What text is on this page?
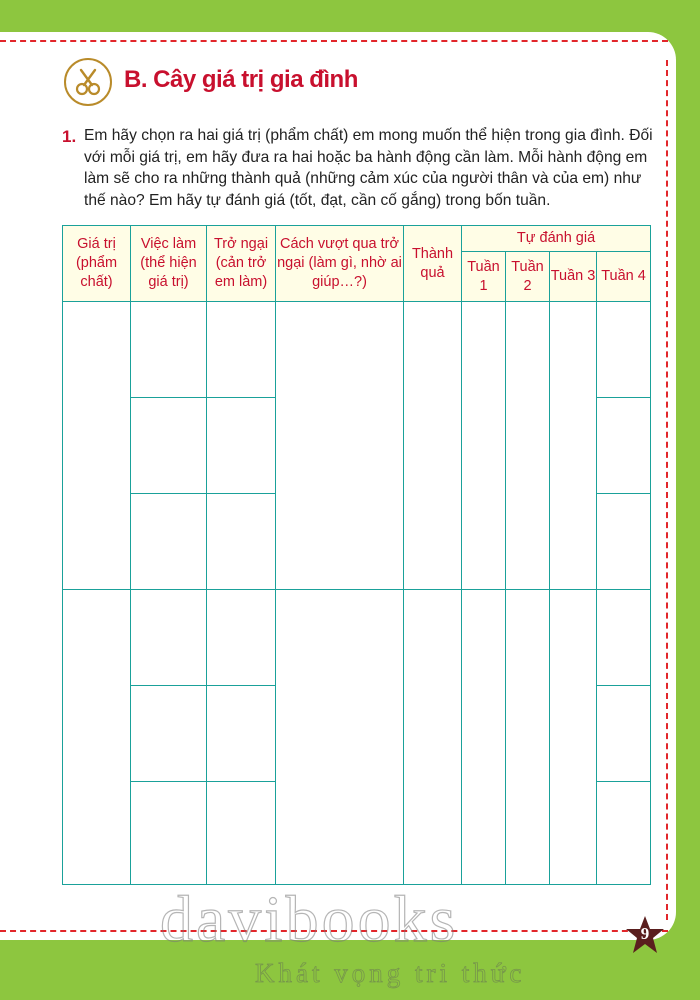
B. Cây giá trị gia đình
1. Em hãy chọn ra hai giá trị (phẩm chất) em mong muốn thể hiện trong gia đình. Đối với mỗi giá trị, em hãy đưa ra hai hoặc ba hành động cần làm. Mỗi hành động em làm sẽ cho ra những thành quả (những cảm xúc của người thân và của em) như thế nào? Em hãy tự đánh giá (tốt, đạt, cần cố gắng) trong bốn tuần.
Giá trị (phẩm chất)	Việc làm (thể hiện giá trị)	Trở ngại (cản trở em làm)	Cách vượt qua trở ngại (làm gì, nhờ ai giúp…?)	Thành quả	Tự đánh giá			
					Tuần 1	Tuần 2	Tuần 3	Tuần 4

davibooks
Khát vọng tri thức
9
